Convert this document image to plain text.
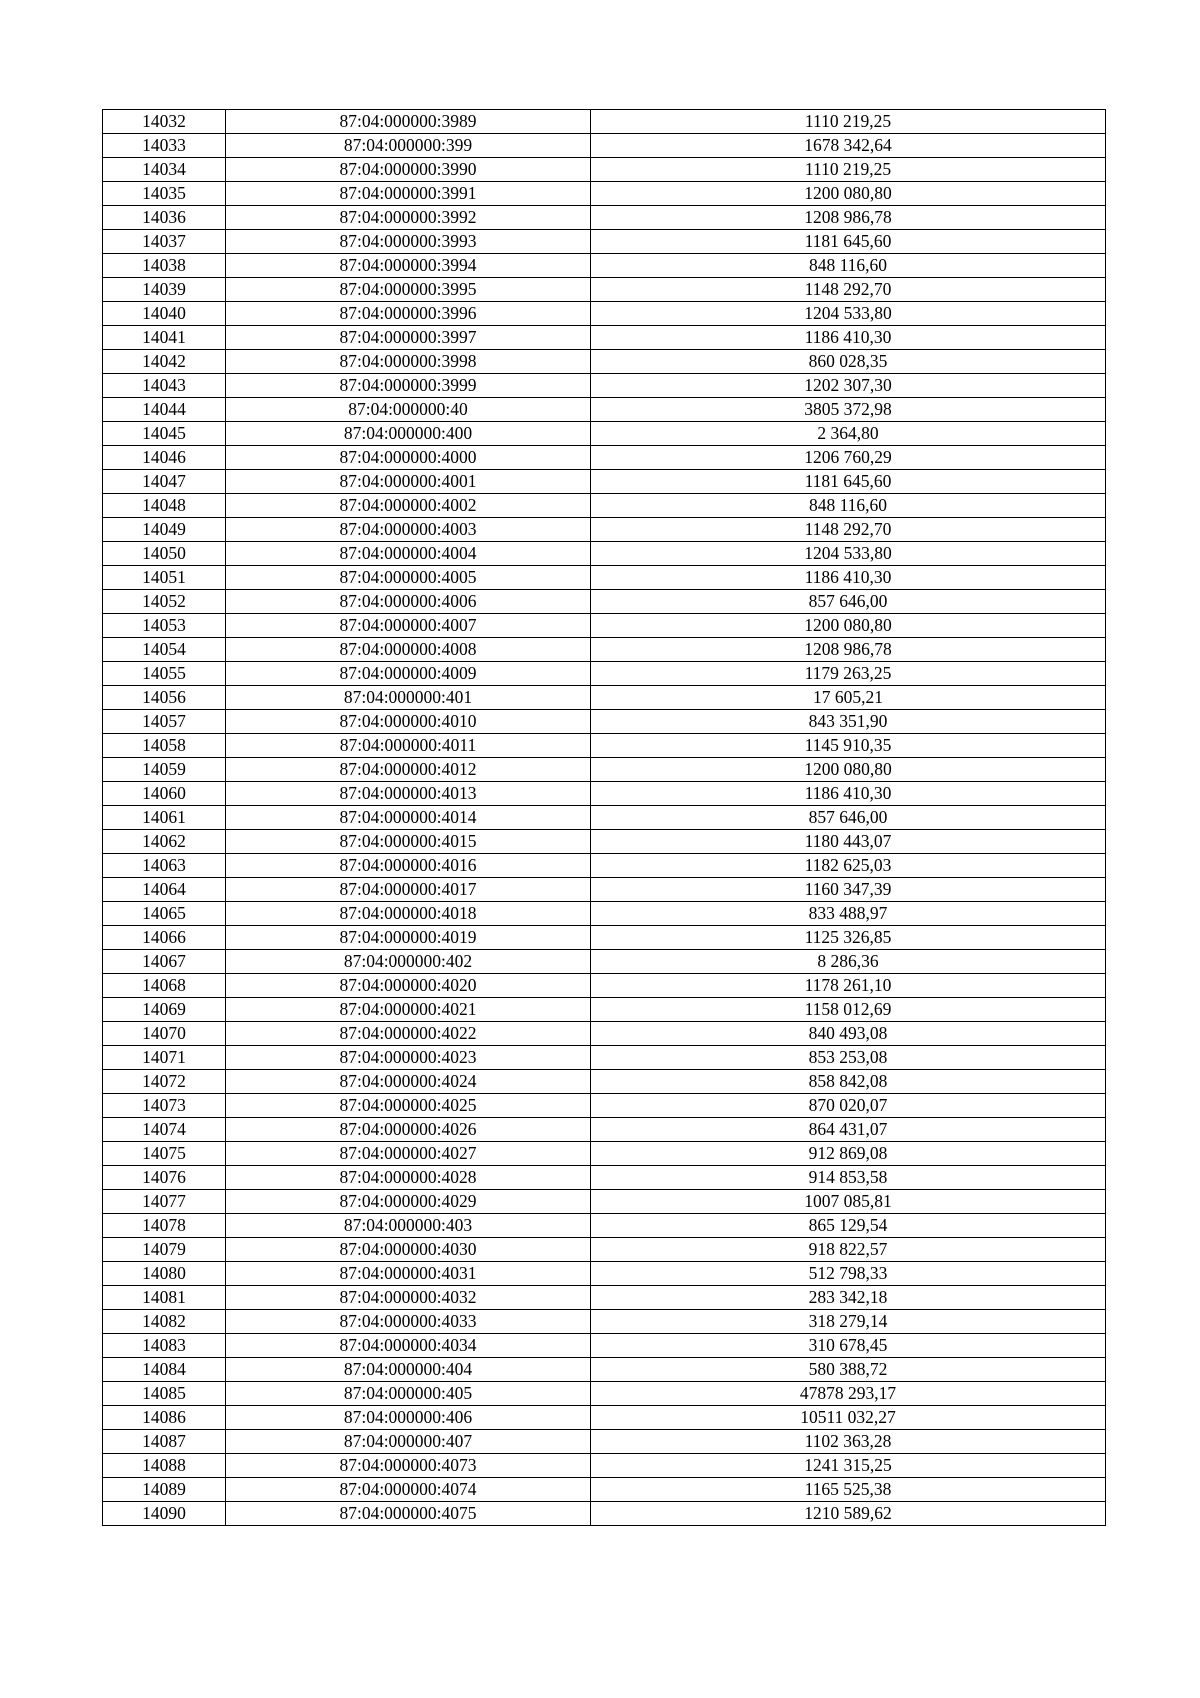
14032	87:04:000000:3989	1110 219,25
14033	87:04:000000:399	1678 342,64
14034	87:04:000000:3990	1110 219,25
14035	87:04:000000:3991	1200 080,80
14036	87:04:000000:3992	1208 986,78
14037	87:04:000000:3993	1181 645,60
14038	87:04:000000:3994	848 116,60
14039	87:04:000000:3995	1148 292,70
14040	87:04:000000:3996	1204 533,80
14041	87:04:000000:3997	1186 410,30
14042	87:04:000000:3998	860 028,35
14043	87:04:000000:3999	1202 307,30
14044	87:04:000000:40	3805 372,98
14045	87:04:000000:400	2 364,80
14046	87:04:000000:4000	1206 760,29
14047	87:04:000000:4001	1181 645,60
14048	87:04:000000:4002	848 116,60
14049	87:04:000000:4003	1148 292,70
14050	87:04:000000:4004	1204 533,80
14051	87:04:000000:4005	1186 410,30
14052	87:04:000000:4006	857 646,00
14053	87:04:000000:4007	1200 080,80
14054	87:04:000000:4008	1208 986,78
14055	87:04:000000:4009	1179 263,25
14056	87:04:000000:401	17 605,21
14057	87:04:000000:4010	843 351,90
14058	87:04:000000:4011	1145 910,35
14059	87:04:000000:4012	1200 080,80
14060	87:04:000000:4013	1186 410,30
14061	87:04:000000:4014	857 646,00
14062	87:04:000000:4015	1180 443,07
14063	87:04:000000:4016	1182 625,03
14064	87:04:000000:4017	1160 347,39
14065	87:04:000000:4018	833 488,97
14066	87:04:000000:4019	1125 326,85
14067	87:04:000000:402	8 286,36
14068	87:04:000000:4020	1178 261,10
14069	87:04:000000:4021	1158 012,69
14070	87:04:000000:4022	840 493,08
14071	87:04:000000:4023	853 253,08
14072	87:04:000000:4024	858 842,08
14073	87:04:000000:4025	870 020,07
14074	87:04:000000:4026	864 431,07
14075	87:04:000000:4027	912 869,08
14076	87:04:000000:4028	914 853,58
14077	87:04:000000:4029	1007 085,81
14078	87:04:000000:403	865 129,54
14079	87:04:000000:4030	918 822,57
14080	87:04:000000:4031	512 798,33
14081	87:04:000000:4032	283 342,18
14082	87:04:000000:4033	318 279,14
14083	87:04:000000:4034	310 678,45
14084	87:04:000000:404	580 388,72
14085	87:04:000000:405	47878 293,17
14086	87:04:000000:406	10511 032,27
14087	87:04:000000:407	1102 363,28
14088	87:04:000000:4073	1241 315,25
14089	87:04:000000:4074	1165 525,38
14090	87:04:000000:4075	1210 589,62
